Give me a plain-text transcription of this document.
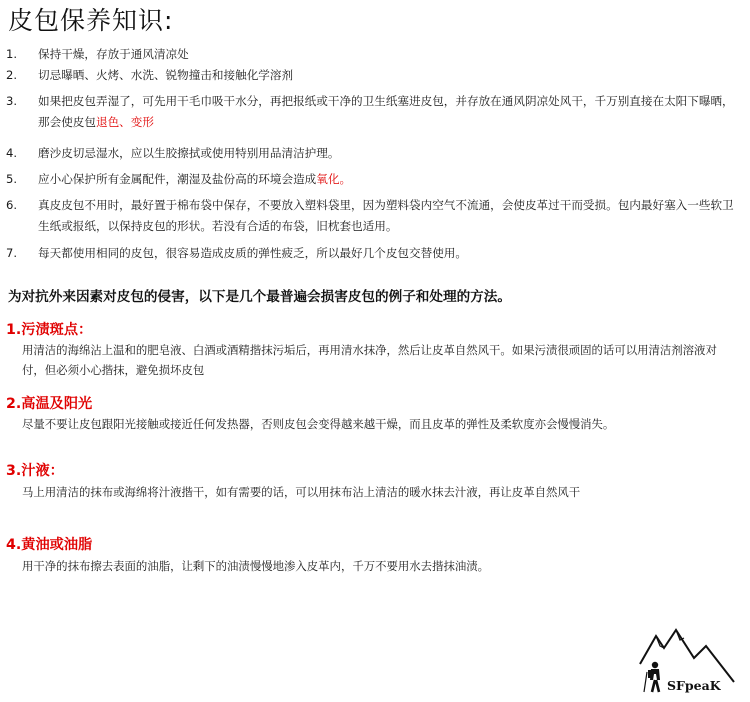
皮包保养知识:
1.	保持干燥，存放于通风清凉处
2.	切忌曝晒、火烤、水洗、锐物撞击和接触化学溶剂
3.	如果把皮包弄湿了，可先用干毛巾吸干水分，再把报纸或干净的卫生纸塞进皮包，并存放在通风阴凉处风干，千万别直接在太阳下曝晒，那会使皮包退色、变形
4.	磨沙皮切忌湿水，应以生胶擦拭或使用特别用品清洁护理。
5.	应小心保护所有金属配件，潮湿及盐份高的环境会造成氧化。
6.	真皮皮包不用时，最好置于棉布袋中保存，不要放入塑料袋里，因为塑料袋内空气不流通，会使皮革过干而受损。包内最好塞入一些软卫生纸或报纸，以保持皮包的形状。若没有合适的布袋，旧枕套也适用。
7.	每天都使用相同的皮包，很容易造成皮质的弹性疲乏，所以最好几个皮包交替使用。
为对抗外来因素对皮包的侵害，以下是几个最普遍会损害皮包的例子和处理的方法。
1.污渍斑点：
用清洁的海绵沾上温和的肥皂液、白酒或酒精揩抹污垢后，再用清水抹净，然后让皮革自然风干。如果污渍很顽固的话可以用清洁剂溶液对付，但必须小心揩抹，避免损坏皮包
2.高温及阳光
尽量不要让皮包跟阳光接触或接近任何发热器，否则皮包会变得越来越干燥，而且皮革的弹性及柔软度亦会慢慢消失。
3.汁液：
马上用清洁的抹布或海绵将汁液揩干，如有需要的话，可以用抹布沾上清洁的暖水抹去汁液，再让皮革自然风干
4.黄油或油脂
用干净的抹布擦去表面的油脂，让剩下的油渍慢慢地渗入皮革内，千万不要用水去揩抹油渍。
SFpeaK
